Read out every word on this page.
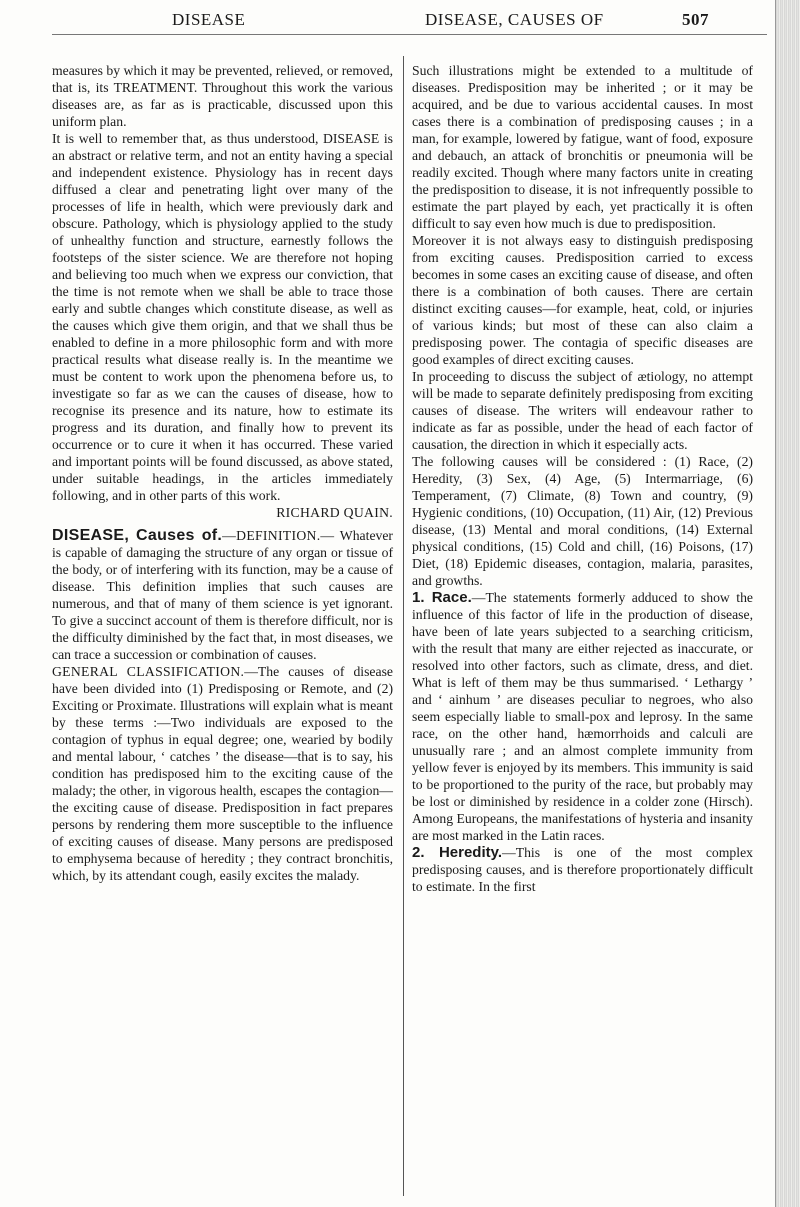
DISEASE	DISEASE, CAUSES OF	507

measures by which it may be prevented, relieved, or removed, that is, its TREATMENT. Throughout this work the various diseases are, as far as is practicable, discussed upon this uniform plan.

It is well to remember that, as thus understood, DISEASE is an abstract or relative term, and not an entity having a special and independent existence. Physiology has in recent days diffused a clear and penetrating light over many of the processes of life in health, which were previously dark and obscure. Pathology, which is physiology applied to the study of unhealthy function and structure, earnestly follows the footsteps of the sister science. We are therefore not hoping and believing too much when we express our conviction, that the time is not remote when we shall be able to trace those early and subtle changes which constitute disease, as well as the causes which give them origin, and that we shall thus be enabled to define in a more philosophic form and with more practical results what disease really is. In the meantime we must be content to work upon the phenomena before us, to investigate so far as we can the causes of disease, how to recognise its presence and its nature, how to estimate its progress and its duration, and finally how to prevent its occurrence or to cure it when it has occurred. These varied and important points will be found discussed, as above stated, under suitable headings, in the articles immediately following, and in other parts of this work.

RICHARD QUAIN.

DISEASE, Causes of.—DEFINITION.— Whatever is capable of damaging the structure of any organ or tissue of the body, or of interfering with its function, may be a cause of disease. This definition implies that such causes are numerous, and that of many of them science is yet ignorant. To give a succinct account of them is therefore difficult, nor is the difficulty diminished by the fact that, in most diseases, we can trace a succession or combination of causes.

GENERAL CLASSIFICATION.—The causes of disease have been divided into (1) Predisposing or Remote, and (2) Exciting or Proximate. Illustrations will explain what is meant by these terms :—Two individuals are exposed to the contagion of typhus in equal degree; one, wearied by bodily and mental labour, ‘ catches ’ the disease—that is to say, his condition has predisposed him to the exciting cause of the malady; the other, in vigorous health, escapes the contagion—the exciting cause of disease. Predisposition in fact prepares persons by rendering them more susceptible to the influence of exciting causes of disease. Many persons are predisposed to emphysema because of heredity ; they contract bronchitis, which, by its attendant cough, easily excites the malady.

Such illustrations might be extended to a multitude of diseases. Predisposition may be inherited ; or it may be acquired, and be due to various accidental causes. In most cases there is a combination of predisposing causes ; in a man, for example, lowered by fatigue, want of food, exposure and debauch, an attack of bronchitis or pneumonia will be readily excited. Though where many factors unite in creating the predisposition to disease, it is not infrequently possible to estimate the part played by each, yet practically it is often difficult to say even how much is due to predisposition.

Moreover it is not always easy to distinguish predisposing from exciting causes. Predisposition carried to excess becomes in some cases an exciting cause of disease, and often there is a combination of both causes. There are certain distinct exciting causes—for example, heat, cold, or injuries of various kinds; but most of these can also claim a predisposing power. The contagia of specific diseases are good examples of direct exciting causes.

In proceeding to discuss the subject of ætiology, no attempt will be made to separate definitely predisposing from exciting causes of disease. The writers will endeavour rather to indicate as far as possible, under the head of each factor of causation, the direction in which it especially acts.

The following causes will be considered : (1) Race, (2) Heredity, (3) Sex, (4) Age, (5) Intermarriage, (6) Temperament, (7) Climate, (8) Town and country, (9) Hygienic conditions, (10) Occupation, (11) Air, (12) Previous disease, (13) Mental and moral conditions, (14) External physical conditions, (15) Cold and chill, (16) Poisons, (17) Diet, (18) Epidemic diseases, contagion, malaria, parasites, and growths.

1. Race.—The statements formerly adduced to show the influence of this factor of life in the production of disease, have been of late years subjected to a searching criticism, with the result that many are either rejected as inaccurate, or resolved into other factors, such as climate, dress, and diet. What is left of them may be thus summarised. ‘ Lethargy ’ and ‘ ainhum ’ are diseases peculiar to negroes, who also seem especially liable to small-pox and leprosy. In the same race, on the other hand, hæmorrhoids and calculi are unusually rare ; and an almost complete immunity from yellow fever is enjoyed by its members. This immunity is said to be proportioned to the purity of the race, but probably may be lost or diminished by residence in a colder zone (Hirsch). Among Europeans, the manifestations of hysteria and insanity are most marked in the Latin races.

2. Heredity.—This is one of the most complex predisposing causes, and is therefore proportionately difficult to estimate. In the first
